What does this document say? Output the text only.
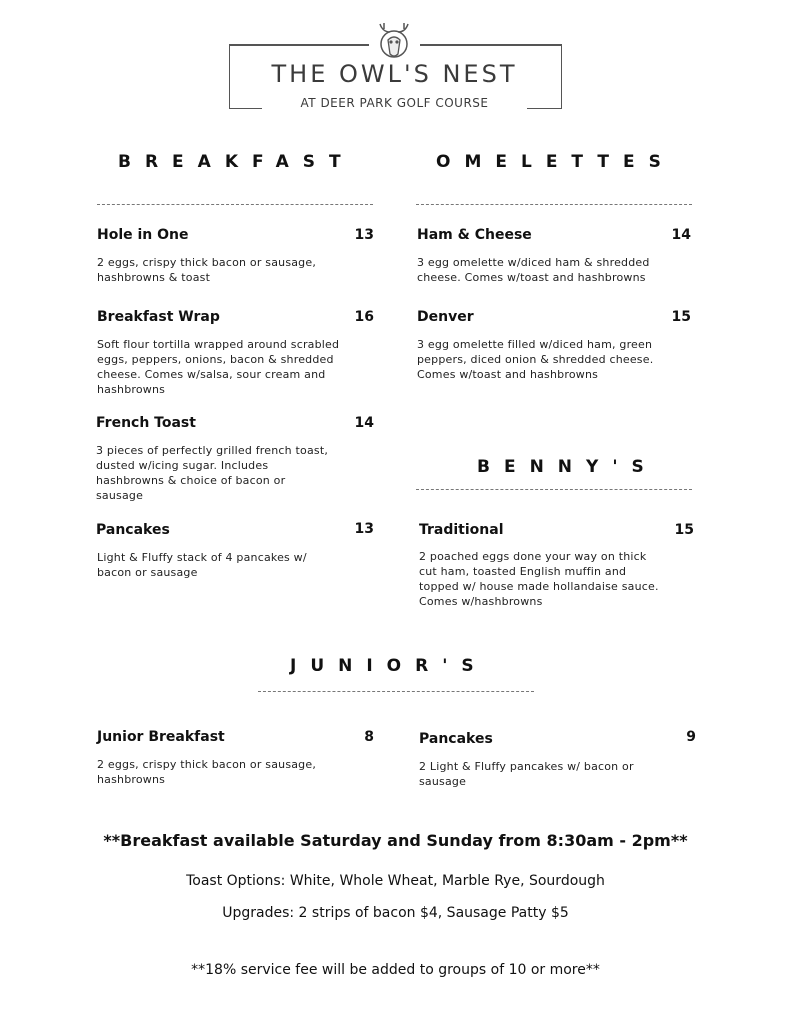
THE OWL'S NEST
AT DEER PARK GOLF COURSE
BREAKFAST
Hole in One	13
2 eggs, crispy thick bacon or sausage, hashbrowns & toast
Breakfast Wrap	16
Soft flour tortilla wrapped around scrabled eggs, peppers, onions, bacon & shredded cheese. Comes w/salsa, sour cream and hashbrowns
French Toast	14
3 pieces of perfectly grilled french toast, dusted w/icing sugar. Includes hashbrowns & choice of bacon or sausage
Pancakes	13
Light & Fluffy stack of 4 pancakes w/ bacon or sausage
OMELETTES
Ham & Cheese	14
3 egg omelette w/diced ham & shredded cheese. Comes w/toast and hashbrowns
Denver	15
3 egg omelette filled w/diced ham, green peppers, diced onion & shredded cheese. Comes w/toast and hashbrowns
BENNY'S
Traditional	15
2 poached eggs done your way on thick cut ham, toasted English muffin and topped w/ house made hollandaise sauce. Comes w/hashbrowns
JUNIOR'S
Junior Breakfast	8
2 eggs, crispy thick bacon or sausage, hashbrowns
Pancakes	9
2 Light & Fluffy pancakes w/ bacon or sausage
**Breakfast available Saturday and Sunday from 8:30am - 2pm**
Toast Options: White, Whole Wheat, Marble Rye, Sourdough
Upgrades: 2 strips of bacon $4, Sausage Patty $5
**18% service fee will be added to groups of 10 or more**
